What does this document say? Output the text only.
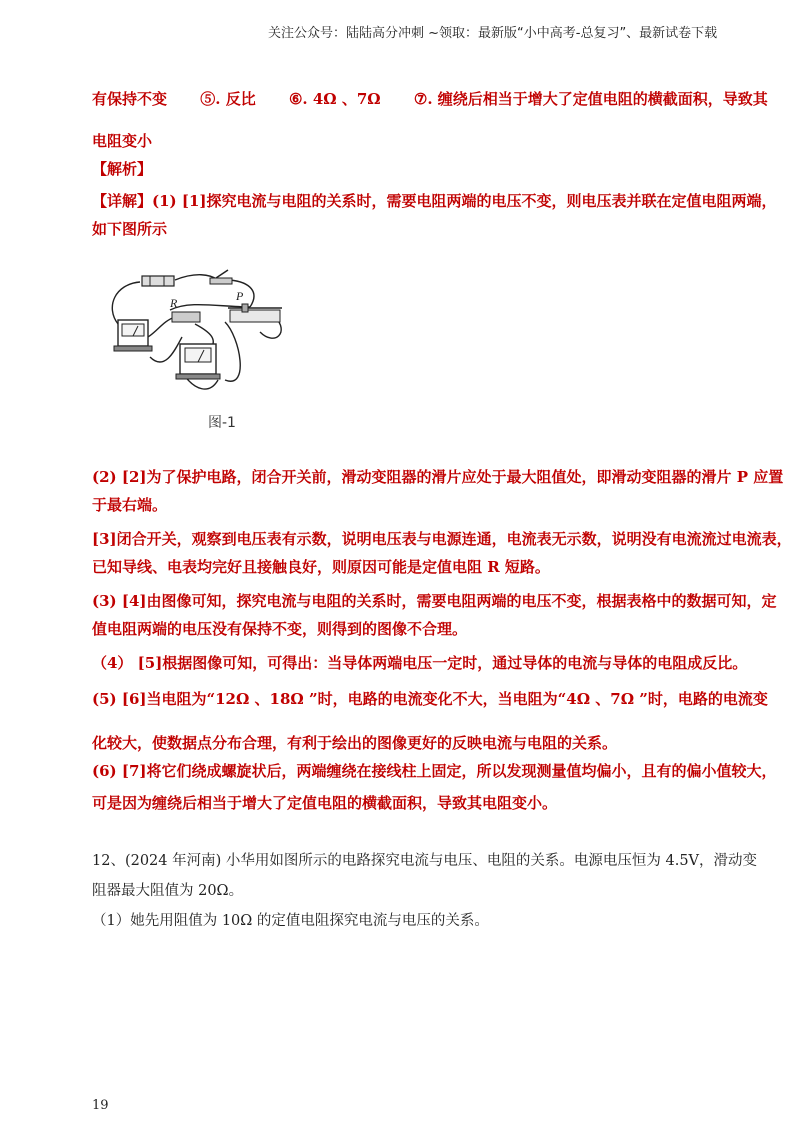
关注公众号：陆陆高分冲刺 ~领取：最新版“小中高考-总复习”、最新试卷下载
有保持不变 ⑤. 反比 ⑥. 4Ω 、7Ω ⑦. 缠绕后相当于增大了定值电阻的横截面积，导致其
电阻变小
【解析】
【详解】(1) [1]探究电流与电阻的关系时，需要电阻两端的电压不变，则电压表并联在定值电阻两端，
如下图所示
R	P
图-1
(2) [2]为了保护电路，闭合开关前，滑动变阻器的滑片应处于最大阻值处，即滑动变阻器的滑片 P 应置
于最右端。
[3]闭合开关，观察到电压表有示数，说明电压表与电源连通，电流表无示数，说明没有电流流过电流表，
已知导线、电表均完好且接触良好，则原因可能是定值电阻 R 短路。
(3) [4]由图像可知，探究电流与电阻的关系时，需要电阻两端的电压不变，根据表格中的数据可知，定
值电阻两端的电压没有保持不变，则得到的图像不合理。
（4） [5]根据图像可知，可得出：当导体两端电压一定时，通过导体的电流与导体的电阻成反比。
(5) [6]当电阻为“12Ω 、18Ω ”时，电路的电流变化不大，当电阻为“4Ω 、7Ω ”时，电路的电流变
化较大，使数据点分布合理，有利于绘出的图像更好的反映电流与电阻的关系。
(6) [7]将它们绕成螺旋状后，两端缠绕在接线柱上固定，所以发现测量值均偏小，且有的偏小值较大，
可是因为缠绕后相当于增大了定值电阻的横截面积，导致其电阻变小。
12、(2024 年河南) 小华用如图所示的电路探究电流与电压、电阻的关系。电源电压恒为 4.5V，滑动变
阻器最大阻值为 20Ω。
（1）她先用阻值为 10Ω 的定值电阻探究电流与电压的关系。
19
